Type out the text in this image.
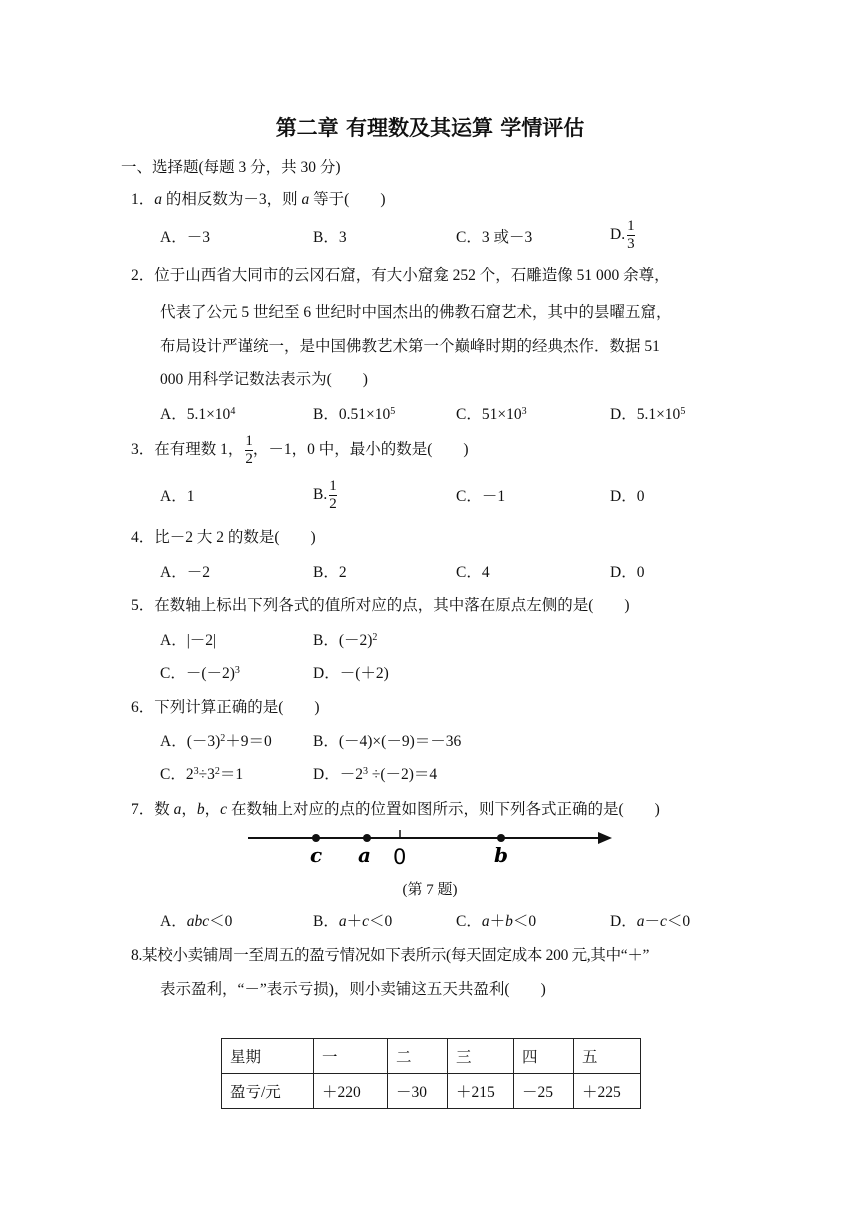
第二章 有理数及其运算 学情评估
一、选择题(每题 3 分，共 30 分)
1．a 的相反数为－3，则 a 等于(　　)
A．－3	B．3	C．3 或－3	D. $\frac{1}{3}$
2．位于山西省大同市的云冈石窟，有大小窟龛 252 个，石雕造像 51 000 余尊，
代表了公元 5 世纪至 6 世纪时中国杰出的佛教石窟艺术，其中的昙曜五窟，
布局设计严谨统一，是中国佛教艺术第一个巅峰时期的经典杰作．数据 51
000 用科学记数法表示为(　　)
A．$5.1\times 10^4$	B．$0.51\times 10^5$	C．$51\times 10^3$	D．$5.1\times 10^5$
3．在有理数 1， $\frac{1}{2}$ ，－1，0 中，最小的数是(　　)
A．1	B. $\frac{1}{2}$	C．－1	D．0
4．比－2 大 2 的数是(　　)
A．－2	B．2	C．4	D．0
5．在数轴上标出下列各式的值所对应的点，其中落在原点左侧的是(　　)
A．|－2|	B．$(-2)^2$
C．$-(-2)^3$	D．－(＋2)
6．下列计算正确的是(　　)
A．$(-3)^2+9=0$	B．(－4)×(－9)＝－36
C．$2^3\div 3^2=1$	D．$-2^3 \div(-2)=4$
7．数 a，b，c 在数轴上对应的点的位置如图所示，则下列各式正确的是(　　)
c a 0	b
(第 7 题)
A．abc＜0	B．a＋c＜0	C．a＋b＜0	D．a－c＜0
8.某校小卖铺周一至周五的盈亏情况如下表所示(每天固定成本 200 元,其中“＋”
表示盈利，“－”表示亏损)，则小卖铺这五天共盈利(　　)
星期	一	二	三	四	五
盈亏/元	＋220	－30	＋215	－25	＋225
